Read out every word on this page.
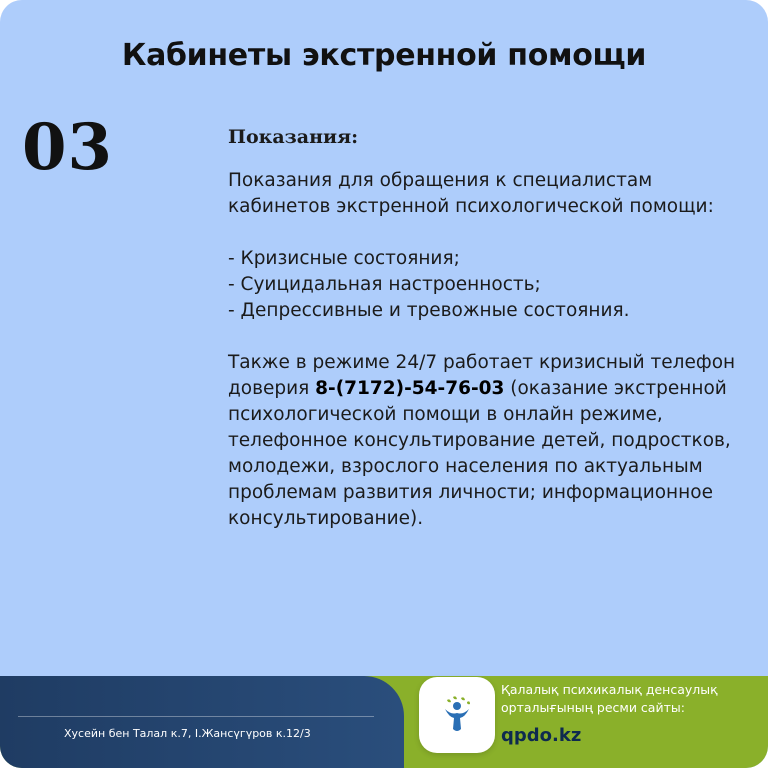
Кабинеты экстренной помощи
03	Показания:

Показания для обращения к специалистам кабинетов экстренной психологической помощи:

- Кризисные состояния;

- Суицидальная настроенность;

- Депрессивные и тревожные состояния.

Также в режиме 24/7 работает кризисный телефон доверия 8-(7172)-54-76-03 (оказание экстренной психологической помощи в онлайн режиме, телефонное консультирование детей, подростков, молодежи, взрослого населения по актуальным проблемам развития личности; информационное консультирование).

Хусейн бен Талал к.7, І.Жансүгүров к.12/3
Қалалық психикалық денсаулық орталығының ресми сайты:
qpdo.kz
